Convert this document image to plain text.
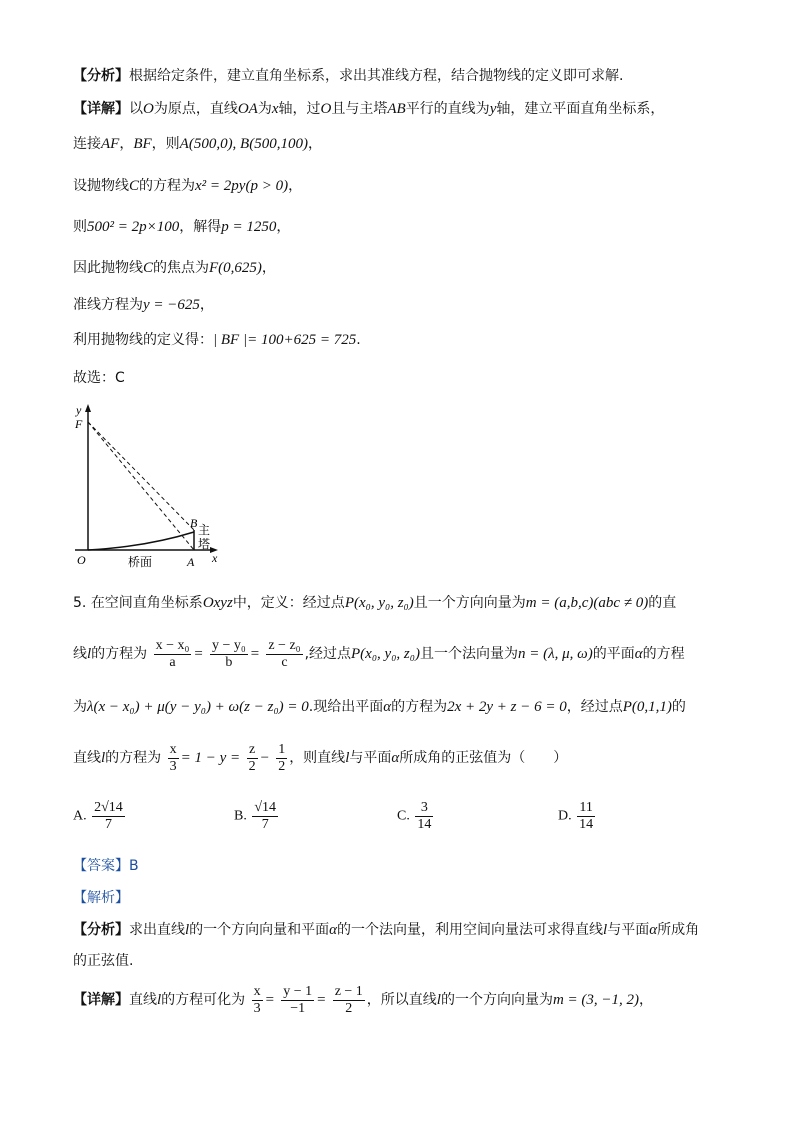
【分析】根据给定条件，建立直角坐标系，求出其准线方程，结合抛物线的定义即可求解.
【详解】以O为原点，直线OA为x轴，过O且与主塔AB平行的直线为y轴，建立平面直角坐标系，
连接AF，BF，则A(500,0), B(500,100)，
设抛物线C的方程为x² = 2py(p > 0)，
则500² = 2p×100，解得p = 1250，
因此抛物线C的焦点为F(0,625)，
准线方程为y = −625，
利用抛物线的定义得：| BF |= 100+625 = 725.
故选：C
y
F
O	A
B
x
主
塔
桥面
5. 在空间直角坐标系Oxyz中，定义：经过点P(x₀, y₀, z₀)且一个方向向量为m = (a,b,c)(abc ≠ 0)的直
线l的方程为 $\frac{\text{x − x₀}}{a} = \frac{\text{y − y₀}}{b} = \frac{\text{z − z₀}}{c}$ ,经过点P(x₀, y₀, z₀)且一个法向量为n = (λ, μ, ω)的平面α的方程
为λ(x − x₀) + μ(y − y₀) + ω(z − z₀) = 0.现给出平面α的方程为2x + 2y + z − 6 = 0，经过点P(0,1,1)的
直线l的方程为 $\frac{x}{3} = 1 - y = \frac{z}{2} - \frac{1}{2}$ ，则直线l与平面α所成角的正弦值为（　　）
A. $\frac{2√14}{7}$	B. $\frac{√14}{7}$	C. $\frac{3}{14}$	D. $\frac{11}{14}$
【答案】B
【解析】
【分析】求出直线l的一个方向向量和平面α的一个法向量，利用空间向量法可求得直线l与平面α所成角
的正弦值.
【详解】直线l的方程可化为 $\frac{x}{3} = \frac{y - 1}{-1} = \frac{z - 1}{2}$ ，所以直线l的一个方向向量为m = (3, −1, 2)，
